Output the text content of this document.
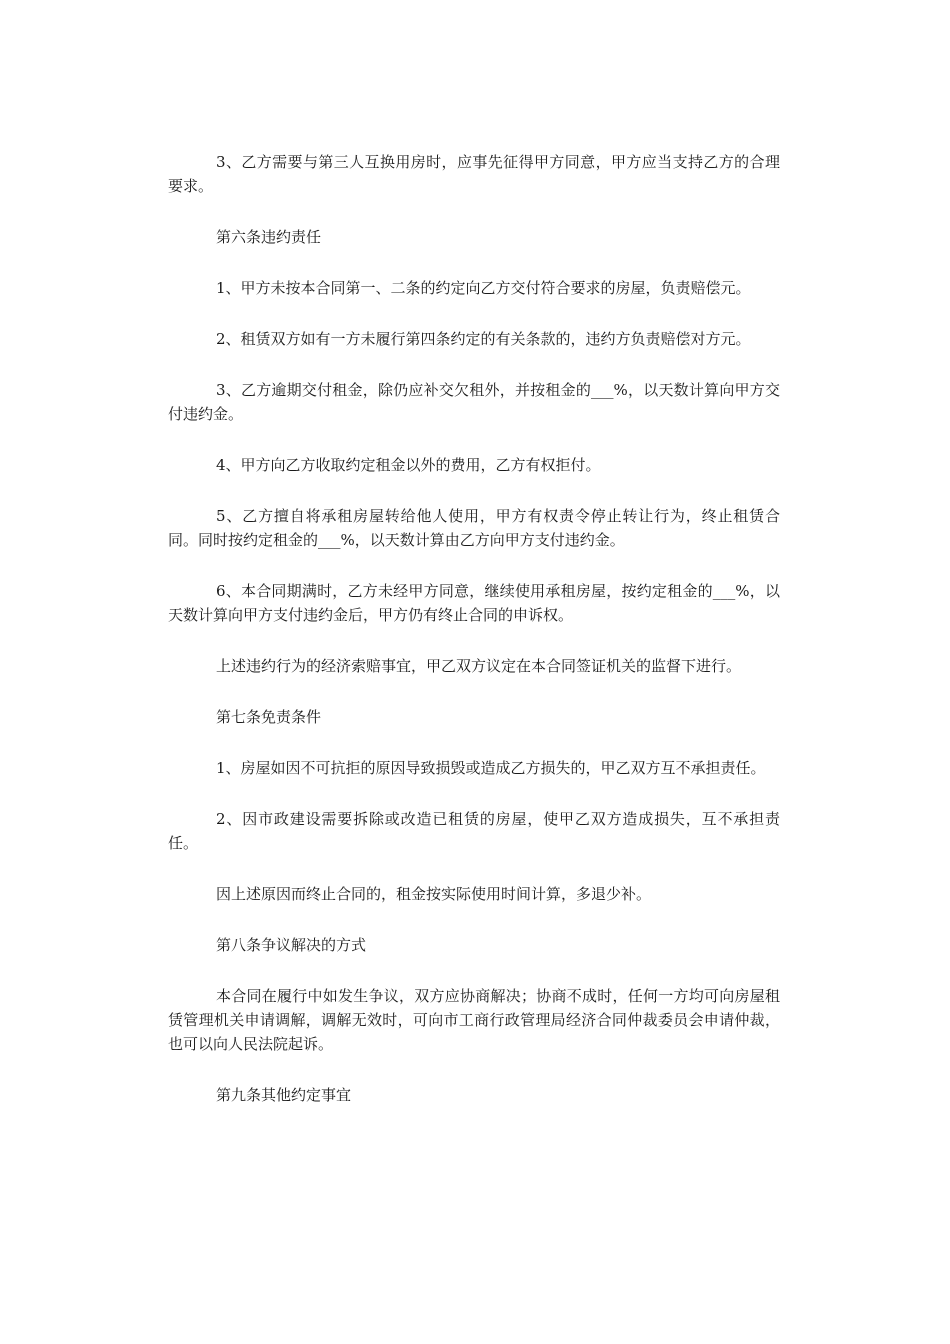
3、乙方需要与第三人互换用房时，应事先征得甲方同意，甲方应当支持乙方的合理要求。

第六条违约责任

1、甲方未按本合同第一、二条的约定向乙方交付符合要求的房屋，负责赔偿元。

2、租赁双方如有一方未履行第四条约定的有关条款的，违约方负责赔偿对方元。

3、乙方逾期交付租金，除仍应补交欠租外，并按租金的___%，以天数计算向甲方交付违约金。

4、甲方向乙方收取约定租金以外的费用，乙方有权拒付。

5、乙方擅自将承租房屋转给他人使用，甲方有权责令停止转让行为，终止租赁合同。同时按约定租金的___%，以天数计算由乙方向甲方支付违约金。

6、本合同期满时，乙方未经甲方同意，继续使用承租房屋，按约定租金的___%，以天数计算向甲方支付违约金后，甲方仍有终止合同的申诉权。

上述违约行为的经济索赔事宜，甲乙双方议定在本合同签证机关的监督下进行。

第七条免责条件

1、房屋如因不可抗拒的原因导致损毁或造成乙方损失的，甲乙双方互不承担责任。

2、因市政建设需要拆除或改造已租赁的房屋，使甲乙双方造成损失，互不承担责任。

因上述原因而终止合同的，租金按实际使用时间计算，多退少补。

第八条争议解决的方式

本合同在履行中如发生争议，双方应协商解决；协商不成时，任何一方均可向房屋租赁管理机关申请调解，调解无效时，可向市工商行政管理局经济合同仲裁委员会申请仲裁，也可以向人民法院起诉。

第九条其他约定事宜
